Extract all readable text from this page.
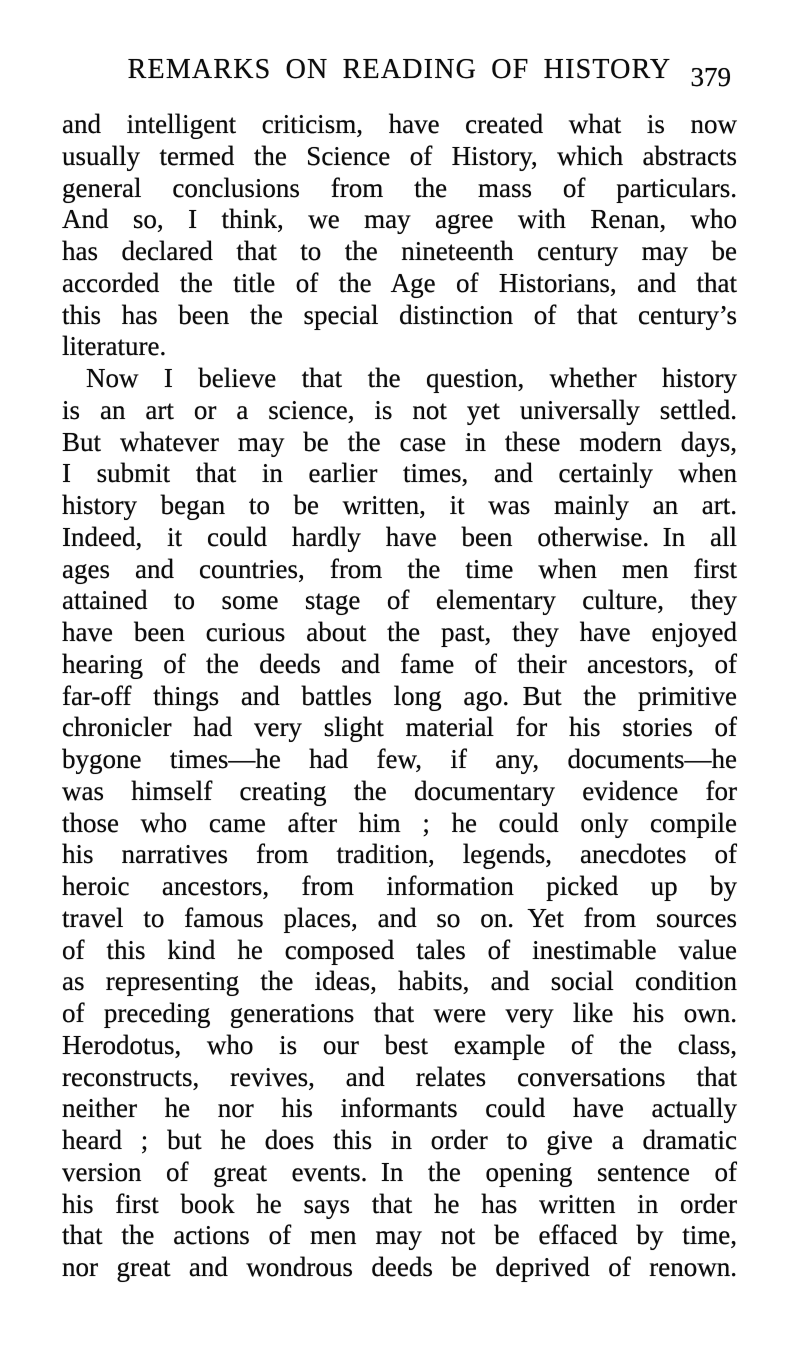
REMARKS ON READING OF HISTORY 379
and intelligent criticism, have created what is now
usually termed the Science of History, which abstracts
general conclusions from the mass of particulars.
And so, I think, we may agree with Renan, who
has declared that to the nineteenth century may be
accorded the title of the Age of Historians, and that
this has been the special distinction of that century’s
literature.
Now I believe that the question, whether history
is an art or a science, is not yet universally settled.
But whatever may be the case in these modern days,
I submit that in earlier times, and certainly when
history began to be written, it was mainly an art.
Indeed, it could hardly have been otherwise. In all
ages and countries, from the time when men first
attained to some stage of elementary culture, they
have been curious about the past, they have enjoyed
hearing of the deeds and fame of their ancestors, of
far-off things and battles long ago. But the primitive
chronicler had very slight material for his stories of
bygone times—he had few, if any, documents—he
was himself creating the documentary evidence for
those who came after him ; he could only compile
his narratives from tradition, legends, anecdotes of
heroic ancestors, from information picked up by
travel to famous places, and so on. Yet from sources
of this kind he composed tales of inestimable value
as representing the ideas, habits, and social condition
of preceding generations that were very like his own.
Herodotus, who is our best example of the class,
reconstructs, revives, and relates conversations that
neither he nor his informants could have actually
heard ; but he does this in order to give a dramatic
version of great events. In the opening sentence of
his first book he says that he has written in order
that the actions of men may not be effaced by time,
nor great and wondrous deeds be deprived of renown.
